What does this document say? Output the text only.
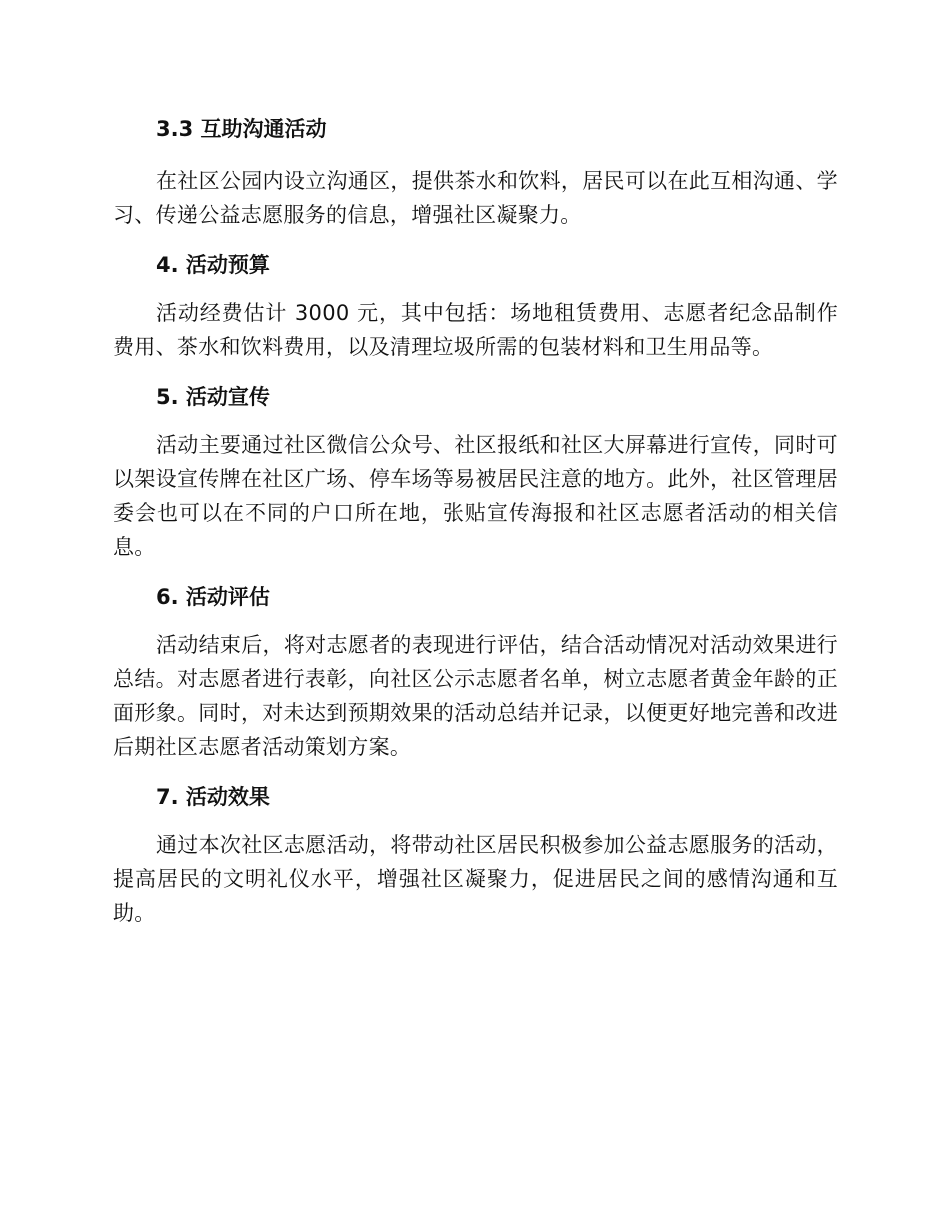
3.3 互助沟通活动

在社区公园内设立沟通区，提供茶水和饮料，居民可以在此互相沟通、学习、传递公益志愿服务的信息，增强社区凝聚力。

4. 活动预算

活动经费估计 3000 元，其中包括：场地租赁费用、志愿者纪念品制作费用、茶水和饮料费用，以及清理垃圾所需的包装材料和卫生用品等。

5. 活动宣传

活动主要通过社区微信公众号、社区报纸和社区大屏幕进行宣传，同时可以架设宣传牌在社区广场、停车场等易被居民注意的地方。此外，社区管理居委会也可以在不同的户口所在地，张贴宣传海报和社区志愿者活动的相关信息。

6. 活动评估

活动结束后，将对志愿者的表现进行评估，结合活动情况对活动效果进行总结。对志愿者进行表彰，向社区公示志愿者名单，树立志愿者黄金年龄的正面形象。同时，对未达到预期效果的活动总结并记录，以便更好地完善和改进后期社区志愿者活动策划方案。

7. 活动效果

通过本次社区志愿活动，将带动社区居民积极参加公益志愿服务的活动，提高居民的文明礼仪水平，增强社区凝聚力，促进居民之间的感情沟通和互助。
